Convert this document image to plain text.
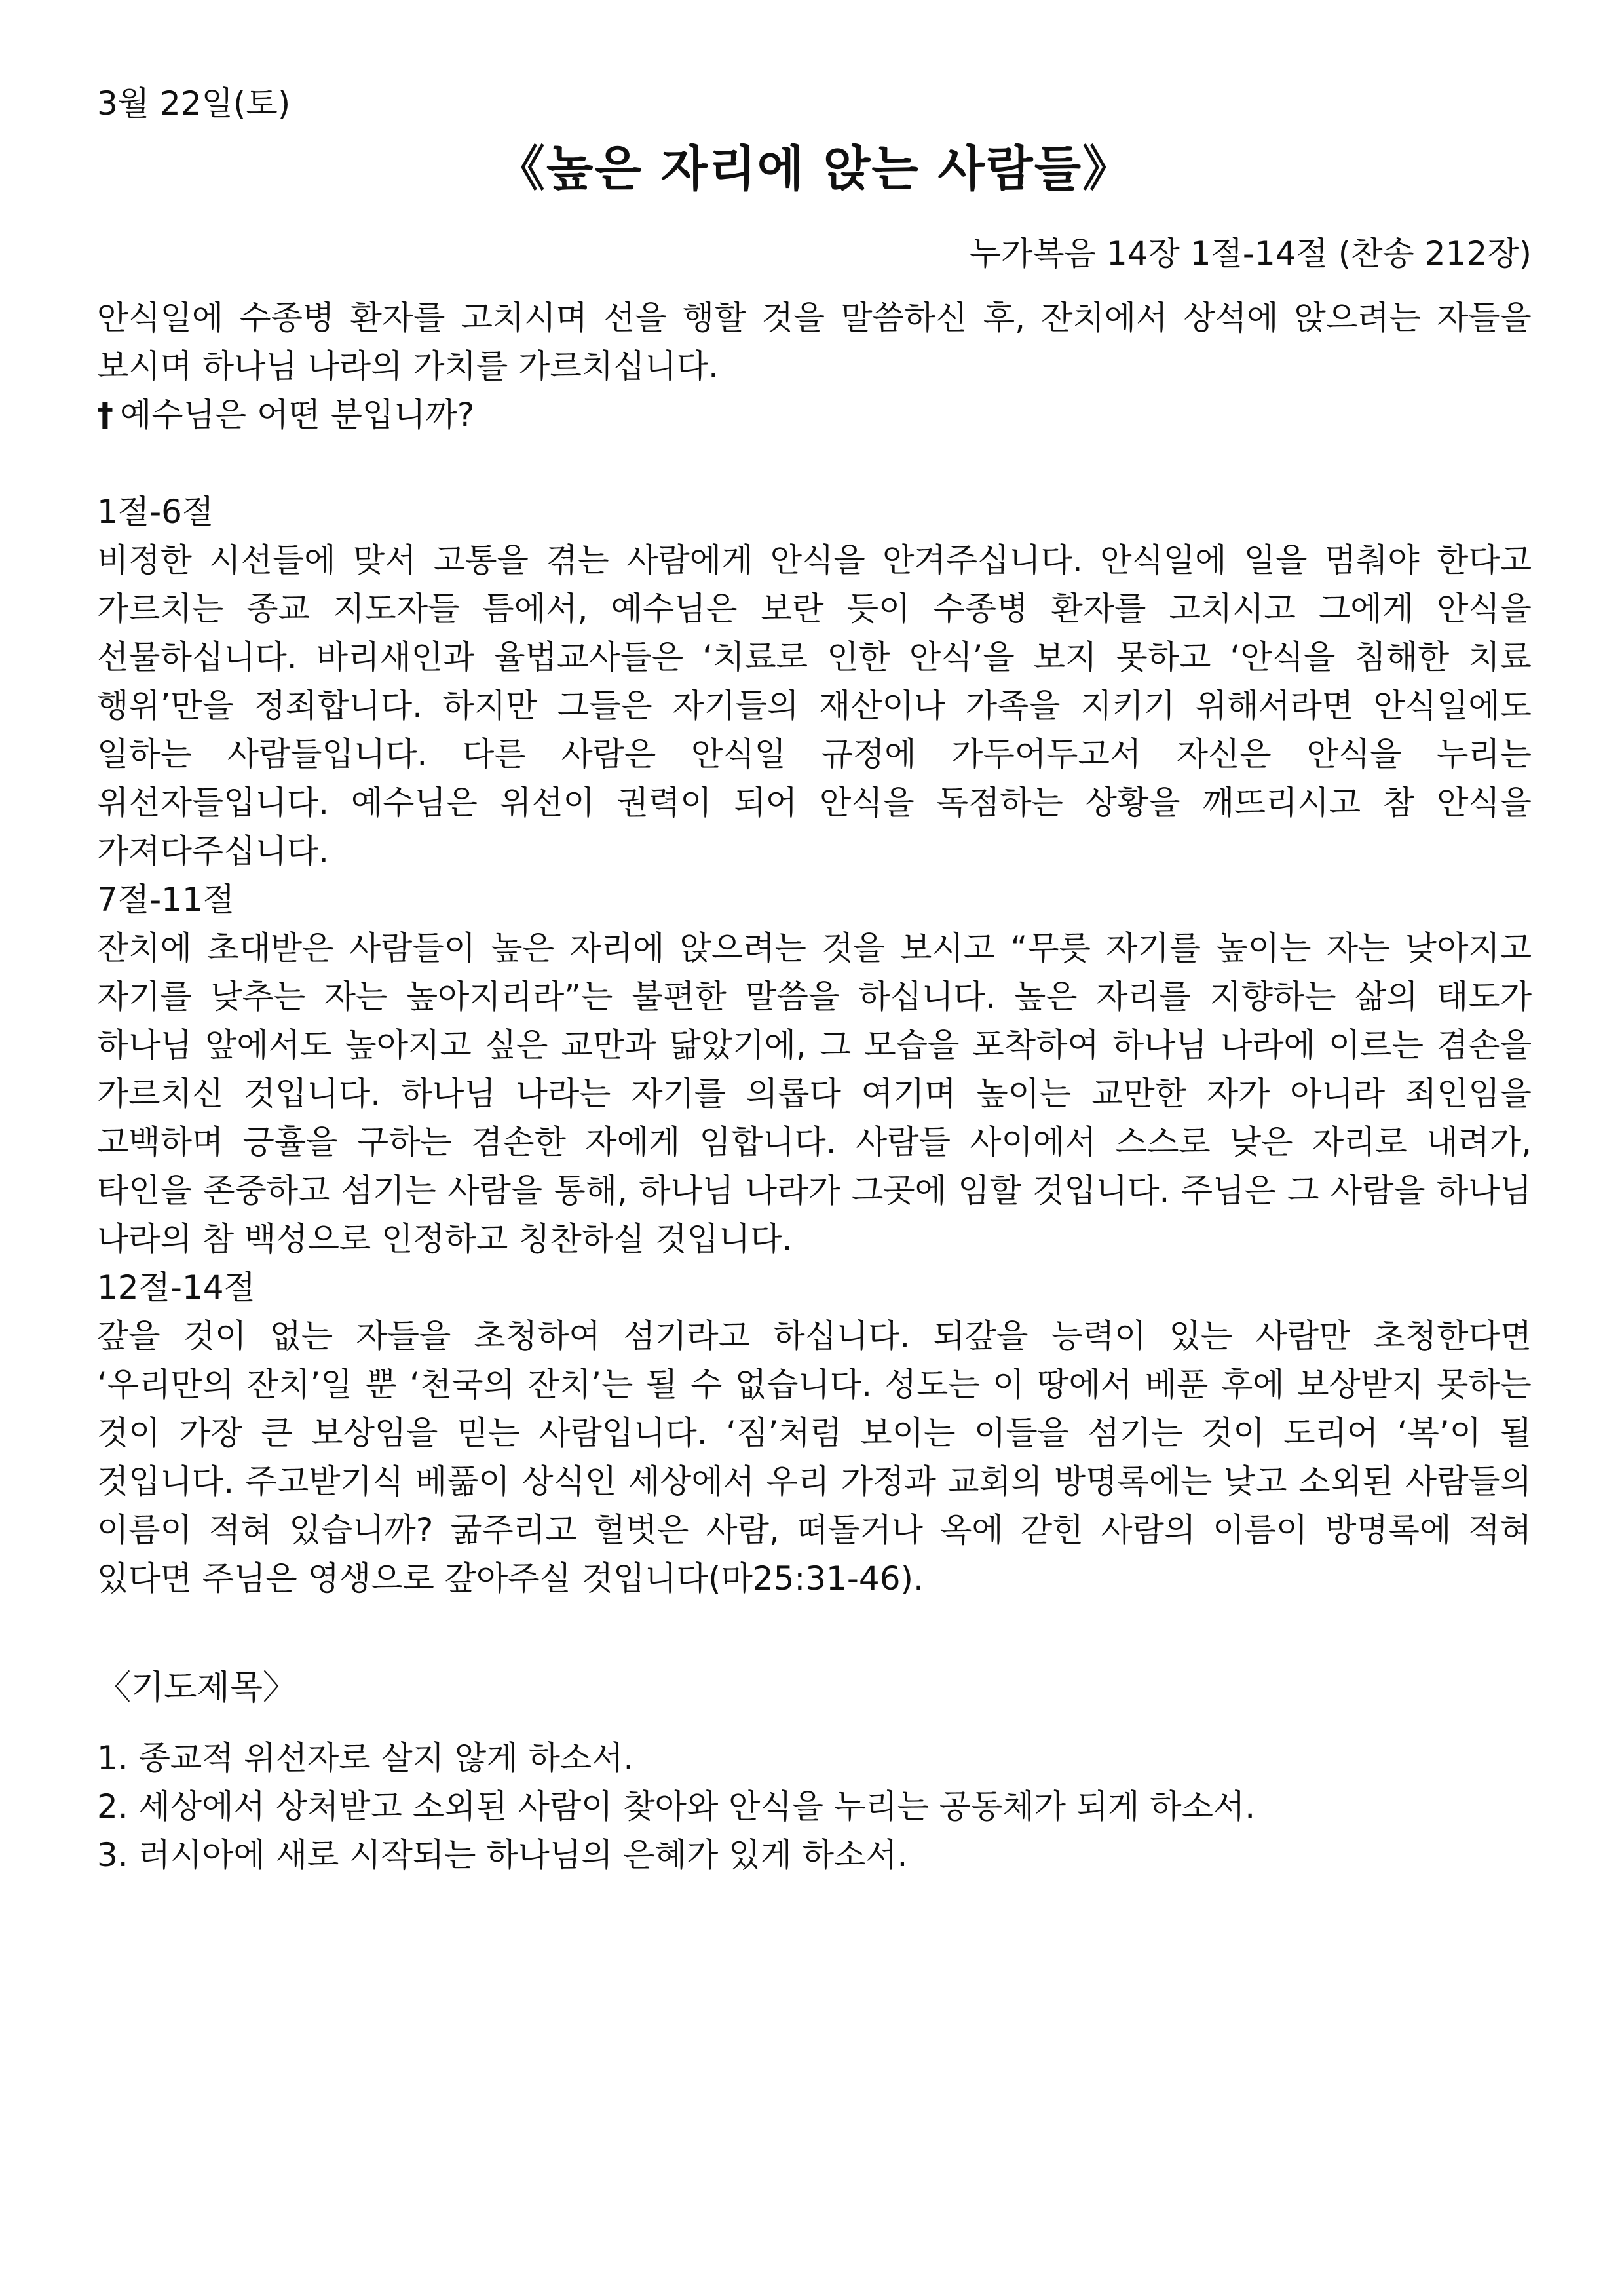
3월 22일(토)
《높은 자리에 앉는 사람들》
누가복음 14장 1절-14절 (찬송 212장)

안식일에 수종병 환자를 고치시며 선을 행할 것을 말씀하신 후, 잔치에서 상석에 앉으려는 자들을 보시며 하나님 나라의 가치를 가르치십니다.

† 예수님은 어떤 분입니까?
1절-6절

비정한 시선들에 맞서 고통을 겪는 사람에게 안식을 안겨주십니다. 안식일에 일을 멈춰야 한다고 가르치는 종교 지도자들 틈에서, 예수님은 보란 듯이 수종병 환자를 고치시고 그에게 안식을 선물하십니다. 바리새인과 율법교사들은 ‘치료로 인한 안식’을 보지 못하고 ‘안식을 침해한 치료 행위’만을 정죄합니다. 하지만 그들은 자기들의 재산이나 가족을 지키기 위해서라면 안식일에도 일하는 사람들입니다. 다른 사람은 안식일 규정에 가두어두고서 자신은 안식을 누리는 위선자들입니다. 예수님은 위선이 권력이 되어 안식을 독점하는 상황을 깨뜨리시고 참 안식을 가져다주십니다.

7절-11절

잔치에 초대받은 사람들이 높은 자리에 앉으려는 것을 보시고 “무릇 자기를 높이는 자는 낮아지고 자기를 낮추는 자는 높아지리라”는 불편한 말씀을 하십니다. 높은 자리를 지향하는 삶의 태도가 하나님 앞에서도 높아지고 싶은 교만과 닮았기에, 그 모습을 포착하여 하나님 나라에 이르는 겸손을 가르치신 것입니다. 하나님 나라는 자기를 의롭다 여기며 높이는 교만한 자가 아니라 죄인임을 고백하며 긍휼을 구하는 겸손한 자에게 임합니다. 사람들 사이에서 스스로 낮은 자리로 내려가, 타인을 존중하고 섬기는 사람을 통해, 하나님 나라가 그곳에 임할 것입니다. 주님은 그 사람을 하나님 나라의 참 백성으로 인정하고 칭찬하실 것입니다.

12절-14절

갚을 것이 없는 자들을 초청하여 섬기라고 하십니다. 되갚을 능력이 있는 사람만 초청한다면 ‘우리만의 잔치’일 뿐 ‘천국의 잔치’는 될 수 없습니다. 성도는 이 땅에서 베푼 후에 보상받지 못하는 것이 가장 큰 보상임을 믿는 사람입니다. ‘짐’처럼 보이는 이들을 섬기는 것이 도리어 ‘복’이 될 것입니다. 주고받기식 베풂이 상식인 세상에서 우리 가정과 교회의 방명록에는 낮고 소외된 사람들의 이름이 적혀 있습니까? 굶주리고 헐벗은 사람, 떠돌거나 옥에 갇힌 사람의 이름이 방명록에 적혀 있다면 주님은 영생으로 갚아주실 것입니다(마25:31-46).

〈기도제목〉
1. 종교적 위선자로 살지 않게 하소서.
2. 세상에서 상처받고 소외된 사람이 찾아와 안식을 누리는 공동체가 되게 하소서.
3. 러시아에 새로 시작되는 하나님의 은혜가 있게 하소서.
